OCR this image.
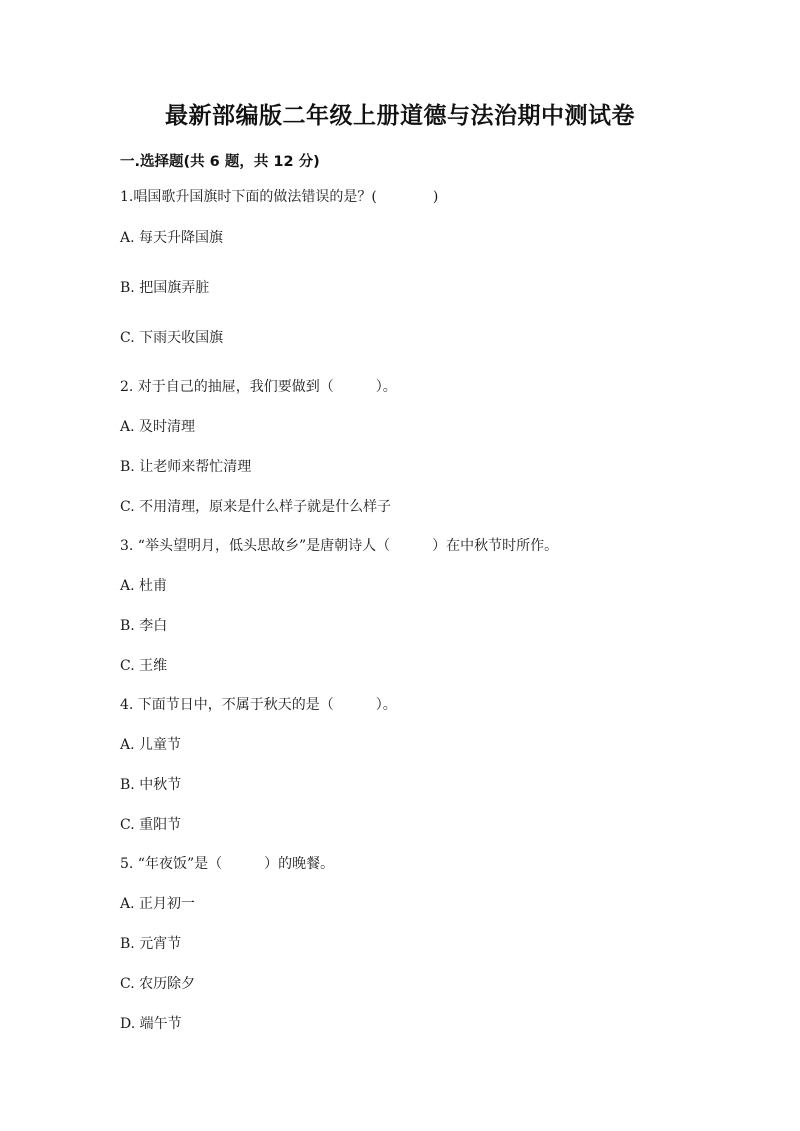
最新部编版二年级上册道德与法治期中测试卷
一.选择题(共 6 题，共 12 分)
1.唱国歌升国旗时下面的做法错误的是？(　　　　)
A. 每天升降国旗
B. 把国旗弄脏
C. 下雨天收国旗
2. 对于自己的抽屉，我们要做到（　　　）。
A. 及时清理
B. 让老师来帮忙清理
C. 不用清理，原来是什么样子就是什么样子
3. “举头望明月，低头思故乡”是唐朝诗人（　　　）在中秋节时所作。
A. 杜甫
B. 李白
C. 王维
4. 下面节日中，不属于秋天的是（　　　）。
A. 儿童节
B. 中秋节
C. 重阳节
5. “年夜饭”是（　　　）的晚餐。
A. 正月初一
B. 元宵节
C. 农历除夕
D. 端午节
